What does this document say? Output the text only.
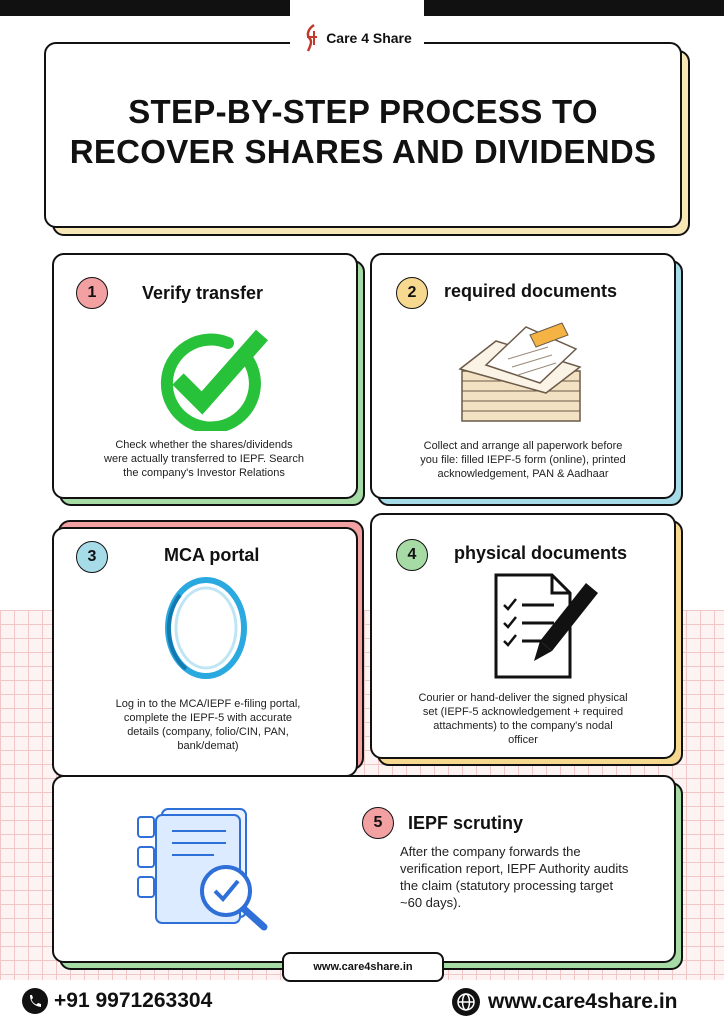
Care 4 Share
STEP-BY-STEP PROCESS TO
RECOVER SHARES AND DIVIDENDS
1	Verify transfer
Check whether the shares/dividends were actually transferred to IEPF. Search the company's Investor Relations
2	required documents
Collect and arrange all paperwork before you file: filled IEPF-5 form (online), printed acknowledgement, PAN & Aadhaar
3	MCA portal
Log in to the MCA/IEPF e-filing portal, complete the IEPF-5 with accurate details (company, folio/CIN, PAN, bank/demat)
4	physical documents
Courier or hand-deliver the signed physical set (IEPF-5 acknowledgement + required attachments) to the company's nodal officer
5	IEPF scrutiny
After the company forwards the verification report, IEPF Authority audits the claim (statutory processing target ~60 days).
www.care4share.in
+91 9971263304	www.care4share.in
